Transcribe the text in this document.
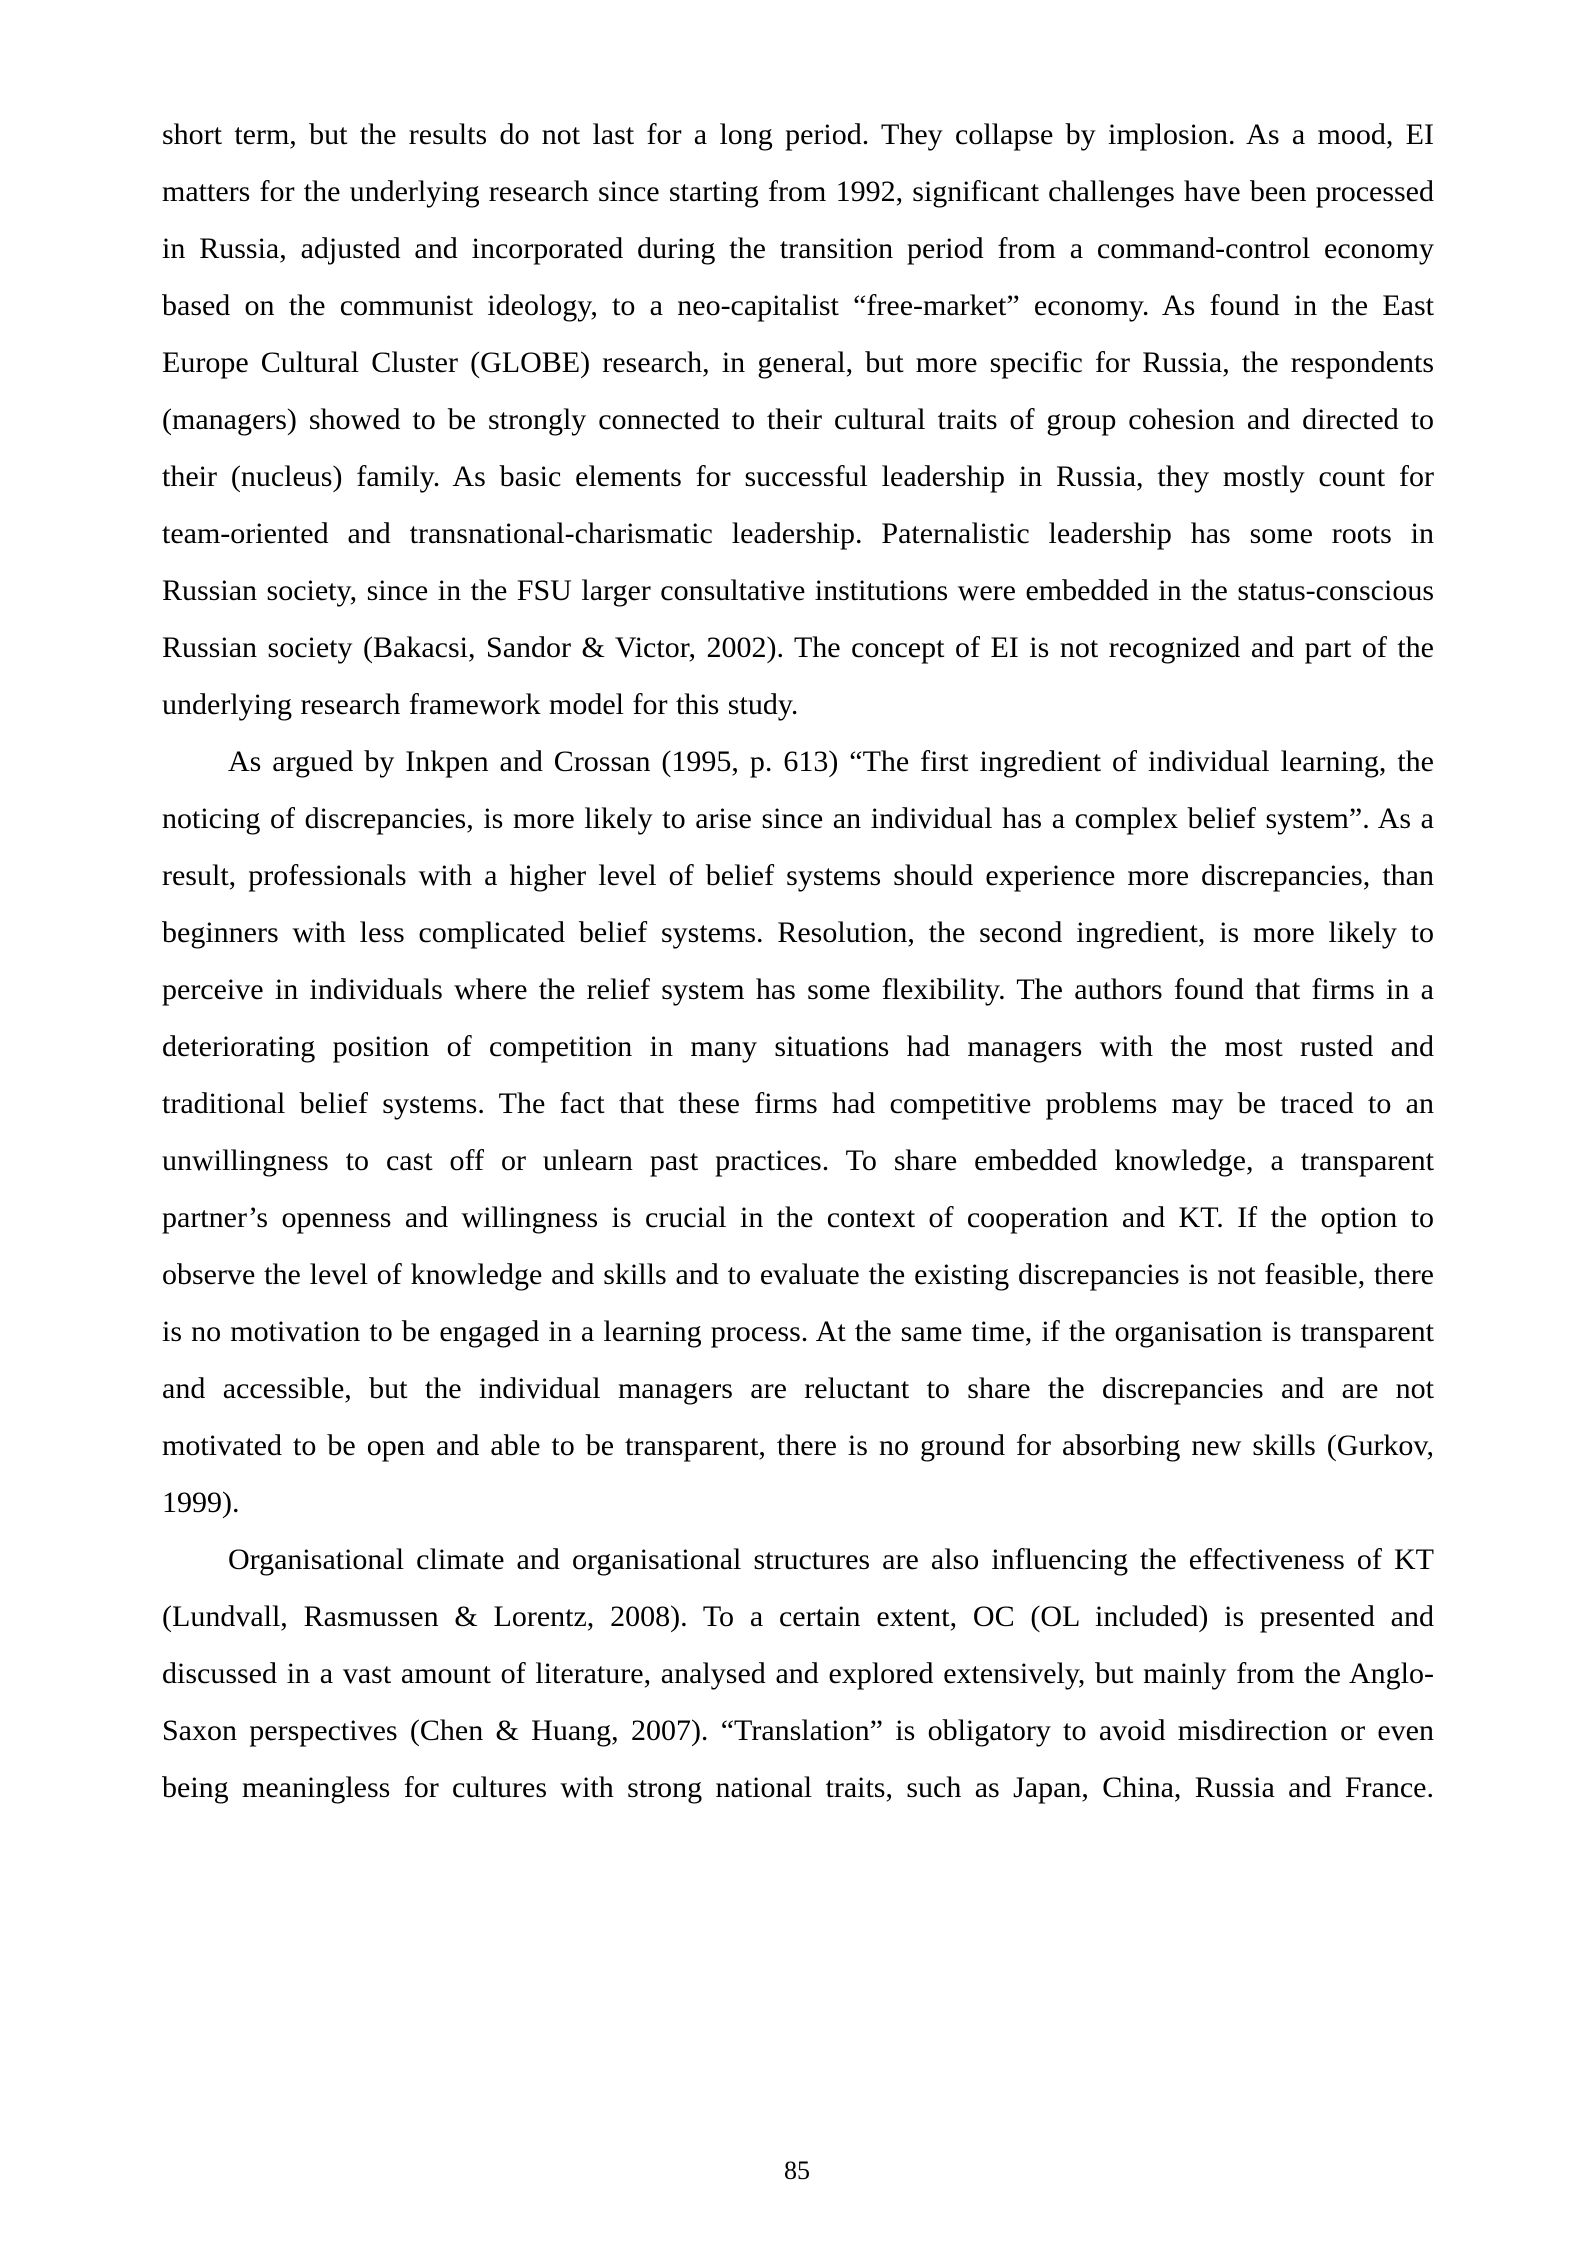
short term, but the results do not last for a long period. They collapse by implosion. As a mood, EI matters for the underlying research since starting from 1992, significant challenges have been processed in Russia, adjusted and incorporated during the transition period from a command-control economy based on the communist ideology, to a neo-capitalist “free-market” economy. As found in the East Europe Cultural Cluster (GLOBE) research, in general, but more specific for Russia, the respondents (managers) showed to be strongly connected to their cultural traits of group cohesion and directed to their (nucleus) family. As basic elements for successful leadership in Russia, they mostly count for team-oriented and transnational-charismatic leadership. Paternalistic leadership has some roots in Russian society, since in the FSU larger consultative institutions were embedded in the status-conscious Russian society (Bakacsi, Sandor & Victor, 2002). The concept of EI is not recognized and part of the underlying research framework model for this study.

As argued by Inkpen and Crossan (1995, p. 613) “The first ingredient of individual learning, the noticing of discrepancies, is more likely to arise since an individual has a complex belief system”. As a result, professionals with a higher level of belief systems should experience more discrepancies, than beginners with less complicated belief systems. Resolution, the second ingredient, is more likely to perceive in individuals where the relief system has some flexibility. The authors found that firms in a deteriorating position of competition in many situations had managers with the most rusted and traditional belief systems. The fact that these firms had competitive problems may be traced to an unwillingness to cast off or unlearn past practices. To share embedded knowledge, a transparent partner’s openness and willingness is crucial in the context of cooperation and KT. If the option to observe the level of knowledge and skills and to evaluate the existing discrepancies is not feasible, there is no motivation to be engaged in a learning process. At the same time, if the organisation is transparent and accessible, but the individual managers are reluctant to share the discrepancies and are not motivated to be open and able to be transparent, there is no ground for absorbing new skills (Gurkov, 1999).

Organisational climate and organisational structures are also influencing the effectiveness of KT (Lundvall, Rasmussen & Lorentz, 2008). To a certain extent, OC (OL included) is presented and discussed in a vast amount of literature, analysed and explored extensively, but mainly from the Anglo-Saxon perspectives (Chen & Huang, 2007). “Translation” is obligatory to avoid misdirection or even being meaningless for cultures with strong national traits, such as Japan, China, Russia and France.

85
